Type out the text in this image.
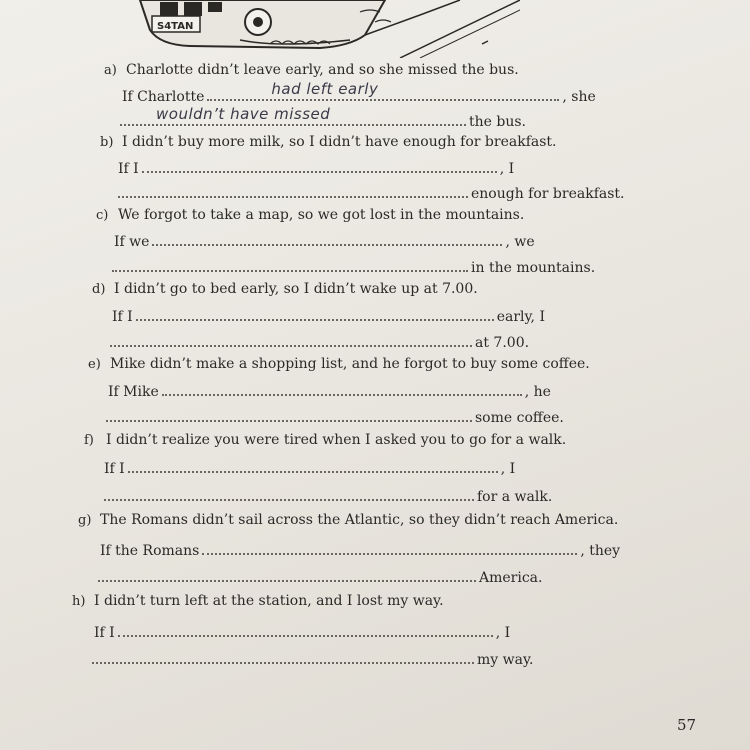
S4TAN
a) Charlotte didn’t leave early, and so she missed the bus.
If Charlotte	had left early	, she
wouldn’t have missed	the bus.
b) I didn’t buy more milk, so I didn’t have enough for breakfast.
If I	, I
enough for breakfast.
c) We forgot to take a map, so we got lost in the mountains.
If we	, we
in the mountains.
d) I didn’t go to bed early, so I didn’t wake up at 7.00.
If I	early, I
at 7.00.
e) Mike didn’t make a shopping list, and he forgot to buy some coffee.
If Mike	, he
some coffee.
f) I didn’t realize you were tired when I asked you to go for a walk.
If I	, I
for a walk.
g) The Romans didn’t sail across the Atlantic, so they didn’t reach America.
If the Romans	, they
America.
h) I didn’t turn left at the station, and I lost my way.
If I	, I
my way.
57
